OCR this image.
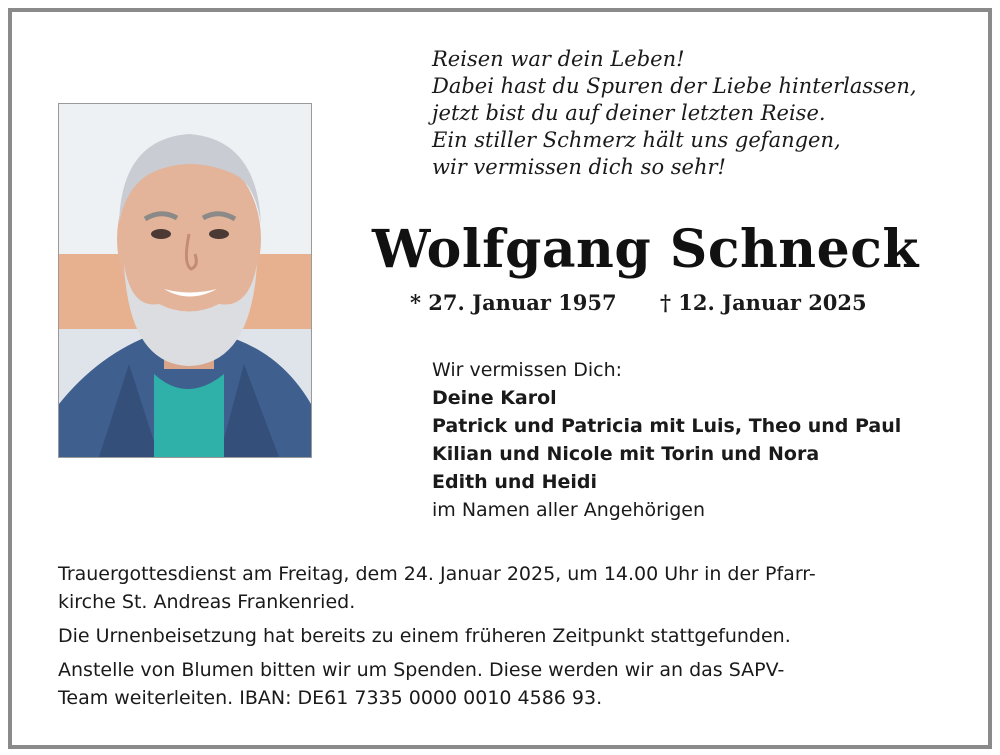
Reisen war dein Leben!
Dabei hast du Spuren der Liebe hinterlassen,
jetzt bist du auf deiner letzten Reise.
Ein stiller Schmerz hält uns gefangen,
wir vermissen dich so sehr!
Wolfgang Schneck
* 27. Januar 1957 † 12. Januar 2025
Wir vermissen Dich:
Deine Karol
Patrick und Patricia mit Luis, Theo und Paul
Kilian und Nicole mit Torin und Nora
Edith und Heidi
im Namen aller Angehörigen

Trauergottesdienst am Freitag, dem 24. Januar 2025, um 14.00 Uhr in der Pfarr-
kirche St. Andreas Frankenried.

Die Urnenbeisetzung hat bereits zu einem früheren Zeitpunkt stattgefunden.

Anstelle von Blumen bitten wir um Spenden. Diese werden wir an das SAPV-
Team weiterleiten. IBAN: DE61 7335 0000 0010 4586 93.
